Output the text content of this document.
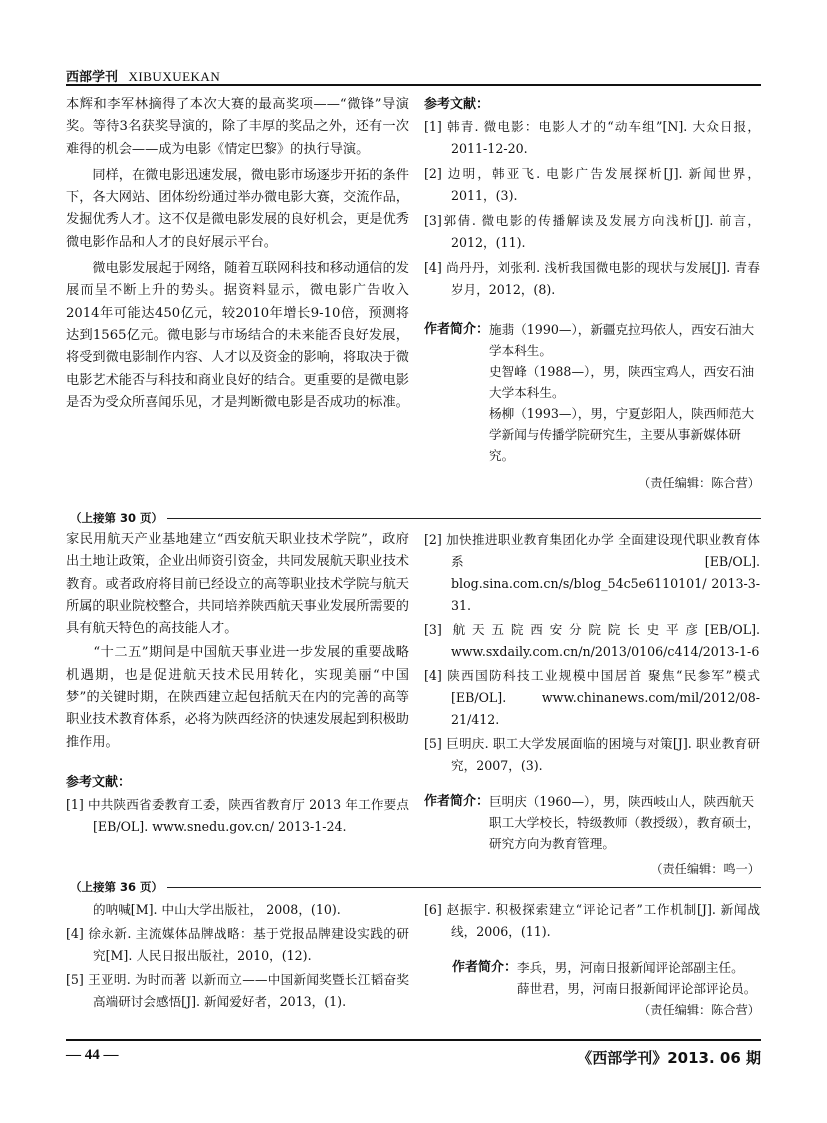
西部学刊 XIBUXUEKAN

本辉和李军林摘得了本次大赛的最高奖项——“微锋”导演奖。等待3名获奖导演的，除了丰厚的奖品之外，还有一次难得的机会——成为电影《情定巴黎》的执行导演。

　　同样，在微电影迅速发展，微电影市场逐步开拓的条件下，各大网站、团体纷纷通过举办微电影大赛，交流作品，发掘优秀人才。这不仅是微电影发展的良好机会，更是优秀微电影作品和人才的良好展示平台。

　　微电影发展起于网络，随着互联网科技和移动通信的发展而呈不断上升的势头。据资料显示，微电影广告收入2014年可能达450亿元，较2010年增长9-10倍，预测将达到1565亿元。微电影与市场结合的未来能否良好发展，将受到微电影制作内容、人才以及资金的影响，将取决于微电影艺术能否与科技和商业良好的结合。更重要的是微电影是否为受众所喜闻乐见，才是判断微电影是否成功的标准。

参考文献：
[1] 韩青. 微电影：电影人才的“动车组”[N]. 大众日报，2011-12-20.
[2] 边明，韩亚飞. 电影广告发展探析[J]. 新闻世界，2011，(3).
[3]郭倩. 微电影的传播解读及发展方向浅析[J]. 前言，2012，(11).
[4] 尚丹丹，刘张利. 浅析我国微电影的现状与发展[J]. 青春岁月，2012，(8).
作者简介： 施翡（1990—），新疆克拉玛依人，西安石油大学本科生。
史智峰（1988—），男，陕西宝鸡人，西安石油大学本科生。
杨柳（1993—），男，宁夏彭阳人，陕西师范大学新闻与传播学院研究生，主要从事新媒体研究。
（责任编辑：陈合营）
（上接第 30 页）

家民用航天产业基地建立“西安航天职业技术学院”，政府出土地让政策，企业出师资引资金，共同发展航天职业技术教育。或者政府将目前已经设立的高等职业技术学院与航天所属的职业院校整合，共同培养陕西航天事业发展所需要的具有航天特色的高技能人才。

　　“十二五”期间是中国航天事业进一步发展的重要战略机遇期，也是促进航天技术民用转化，实现美丽“中国梦”的关键时期，在陕西建立起包括航天在内的完善的高等职业技术教育体系，必将为陕西经济的快速发展起到积极助推作用。

参考文献：
[1] 中共陕西省委教育工委，陕西省教育厅 2013 年工作要点[EB/OL]. www.snedu.gov.cn/ 2013-1-24.
[2] 加快推进职业教育集团化办学 全面建设现代职业教育体系[EB/OL]. blog.sina.com.cn/s/blog_54c5e6110101/ 2013-3-31.
[3] 航天五院西安分院院长史平彦[EB/OL]. www.sxdaily.com.cn/n/2013/0106/c414/2013-1-6
[4] 陕西国防科技工业规模中国居首 聚焦“民参军”模式[EB/OL]. www.chinanews.com/mil/2012/08-21/412.
[5] 巨明庆. 职工大学发展面临的困境与对策[J]. 职业教育研究，2007，(3).
作者简介： 巨明庆（1960—），男，陕西岐山人，陕西航天职工大学校长，特级教师（教授级），教育硕士，研究方向为教育管理。
（责任编辑：鸣一）
（上接第 36 页）
的呐喊[M]. 中山大学出版社， 2008，(10).
[4] 徐永新. 主流媒体品牌战略：基于党报品牌建设实践的研究[M]. 人民日报出版社，2010，(12).
[5] 王亚明. 为时而著 以新而立——中国新闻奖暨长江韬奋奖高端研讨会感悟[J]. 新闻爱好者，2013，(1).
[6] 赵振宇. 积极探索建立“评论记者”工作机制[J]. 新闻战线，2006，(11).
作者简介： 李兵，男，河南日报新闻评论部副主任。
薛世君，男，河南日报新闻评论部评论员。
（责任编辑：陈合营）
— 44 —	《西部学刊》2013. 06 期
